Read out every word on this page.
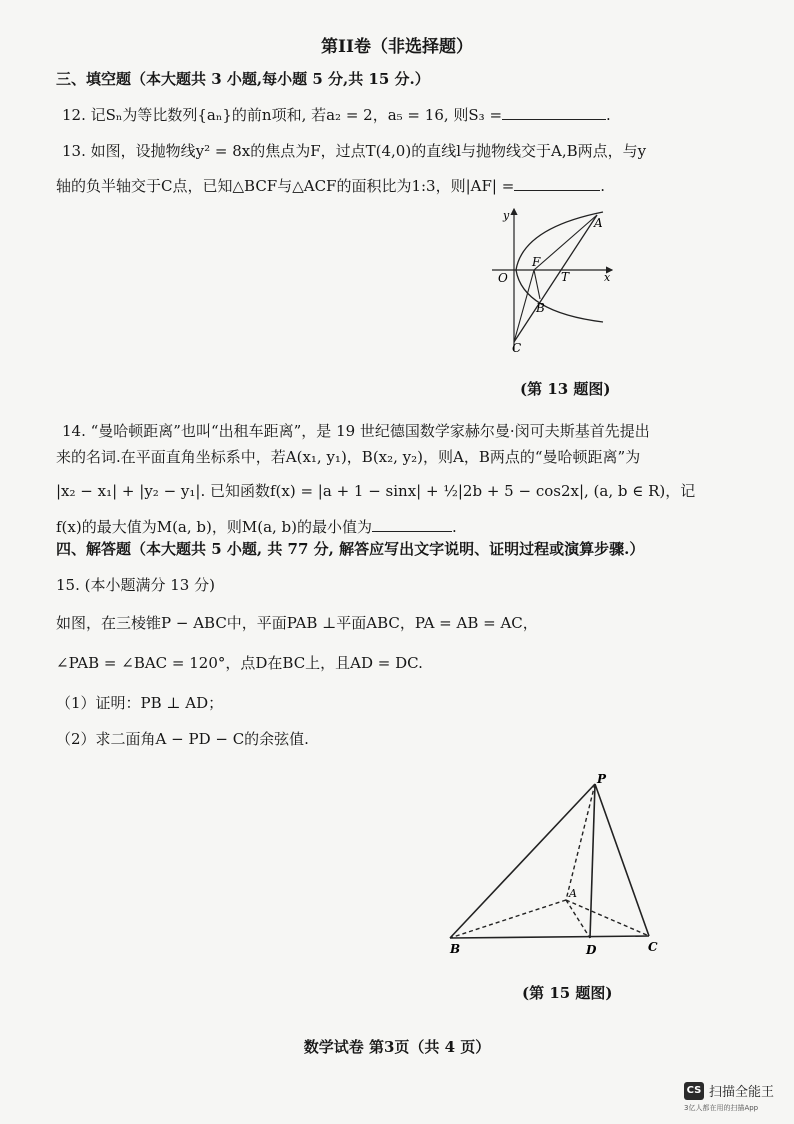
第II卷（非选择题）
三、填空题（本大题共 3 小题,每小题 5 分,共 15 分.）
12. 记Sₙ为等比数列{aₙ}的前n项和, 若a₂ = 2，a₅ = 16, 则S₃ =	.
13. 如图，设抛物线y² = 8x的焦点为F，过点T(4,0)的直线l与抛物线交于A,B两点，与y
轴的负半轴交于C点，已知△BCF与△ACF的面积比为1:3，则|AF| =	.
y
x
O
F
T
A
B
C
(第 13 题图)
14. “曼哈顿距离”也叫“出租车距离”，是 19 世纪德国数学家赫尔曼·闵可夫斯基首先提出
来的名词.在平面直角坐标系中，若A(x₁, y₁)，B(x₂, y₂)，则A，B两点的“曼哈顿距离”为
|x₂ − x₁| + |y₂ − y₁|. 已知函数f(x) = |a + 1 − sinx| + ½|2b + 5 − cos2x|, (a, b ∈ R)，记
f(x)的最大值为M(a, b)，则M(a, b)的最小值为	.
四、解答题（本大题共 5 小题, 共 77 分, 解答应写出文字说明、证明过程或演算步骤.）
15. (本小题满分 13 分)
如图，在三棱锥P − ABC中，平面PAB ⊥平面ABC，PA = AB = AC，
∠PAB = ∠BAC = 120°，点D在BC上，且AD = DC.
（1）证明：PB ⊥ AD；
（2）求二面角A − PD − C的余弦值.
P
A
B	D	C
(第 15 题图)
数学试卷 第3页（共 4 页）
CS 扫描全能王
3亿人都在用的扫描App
